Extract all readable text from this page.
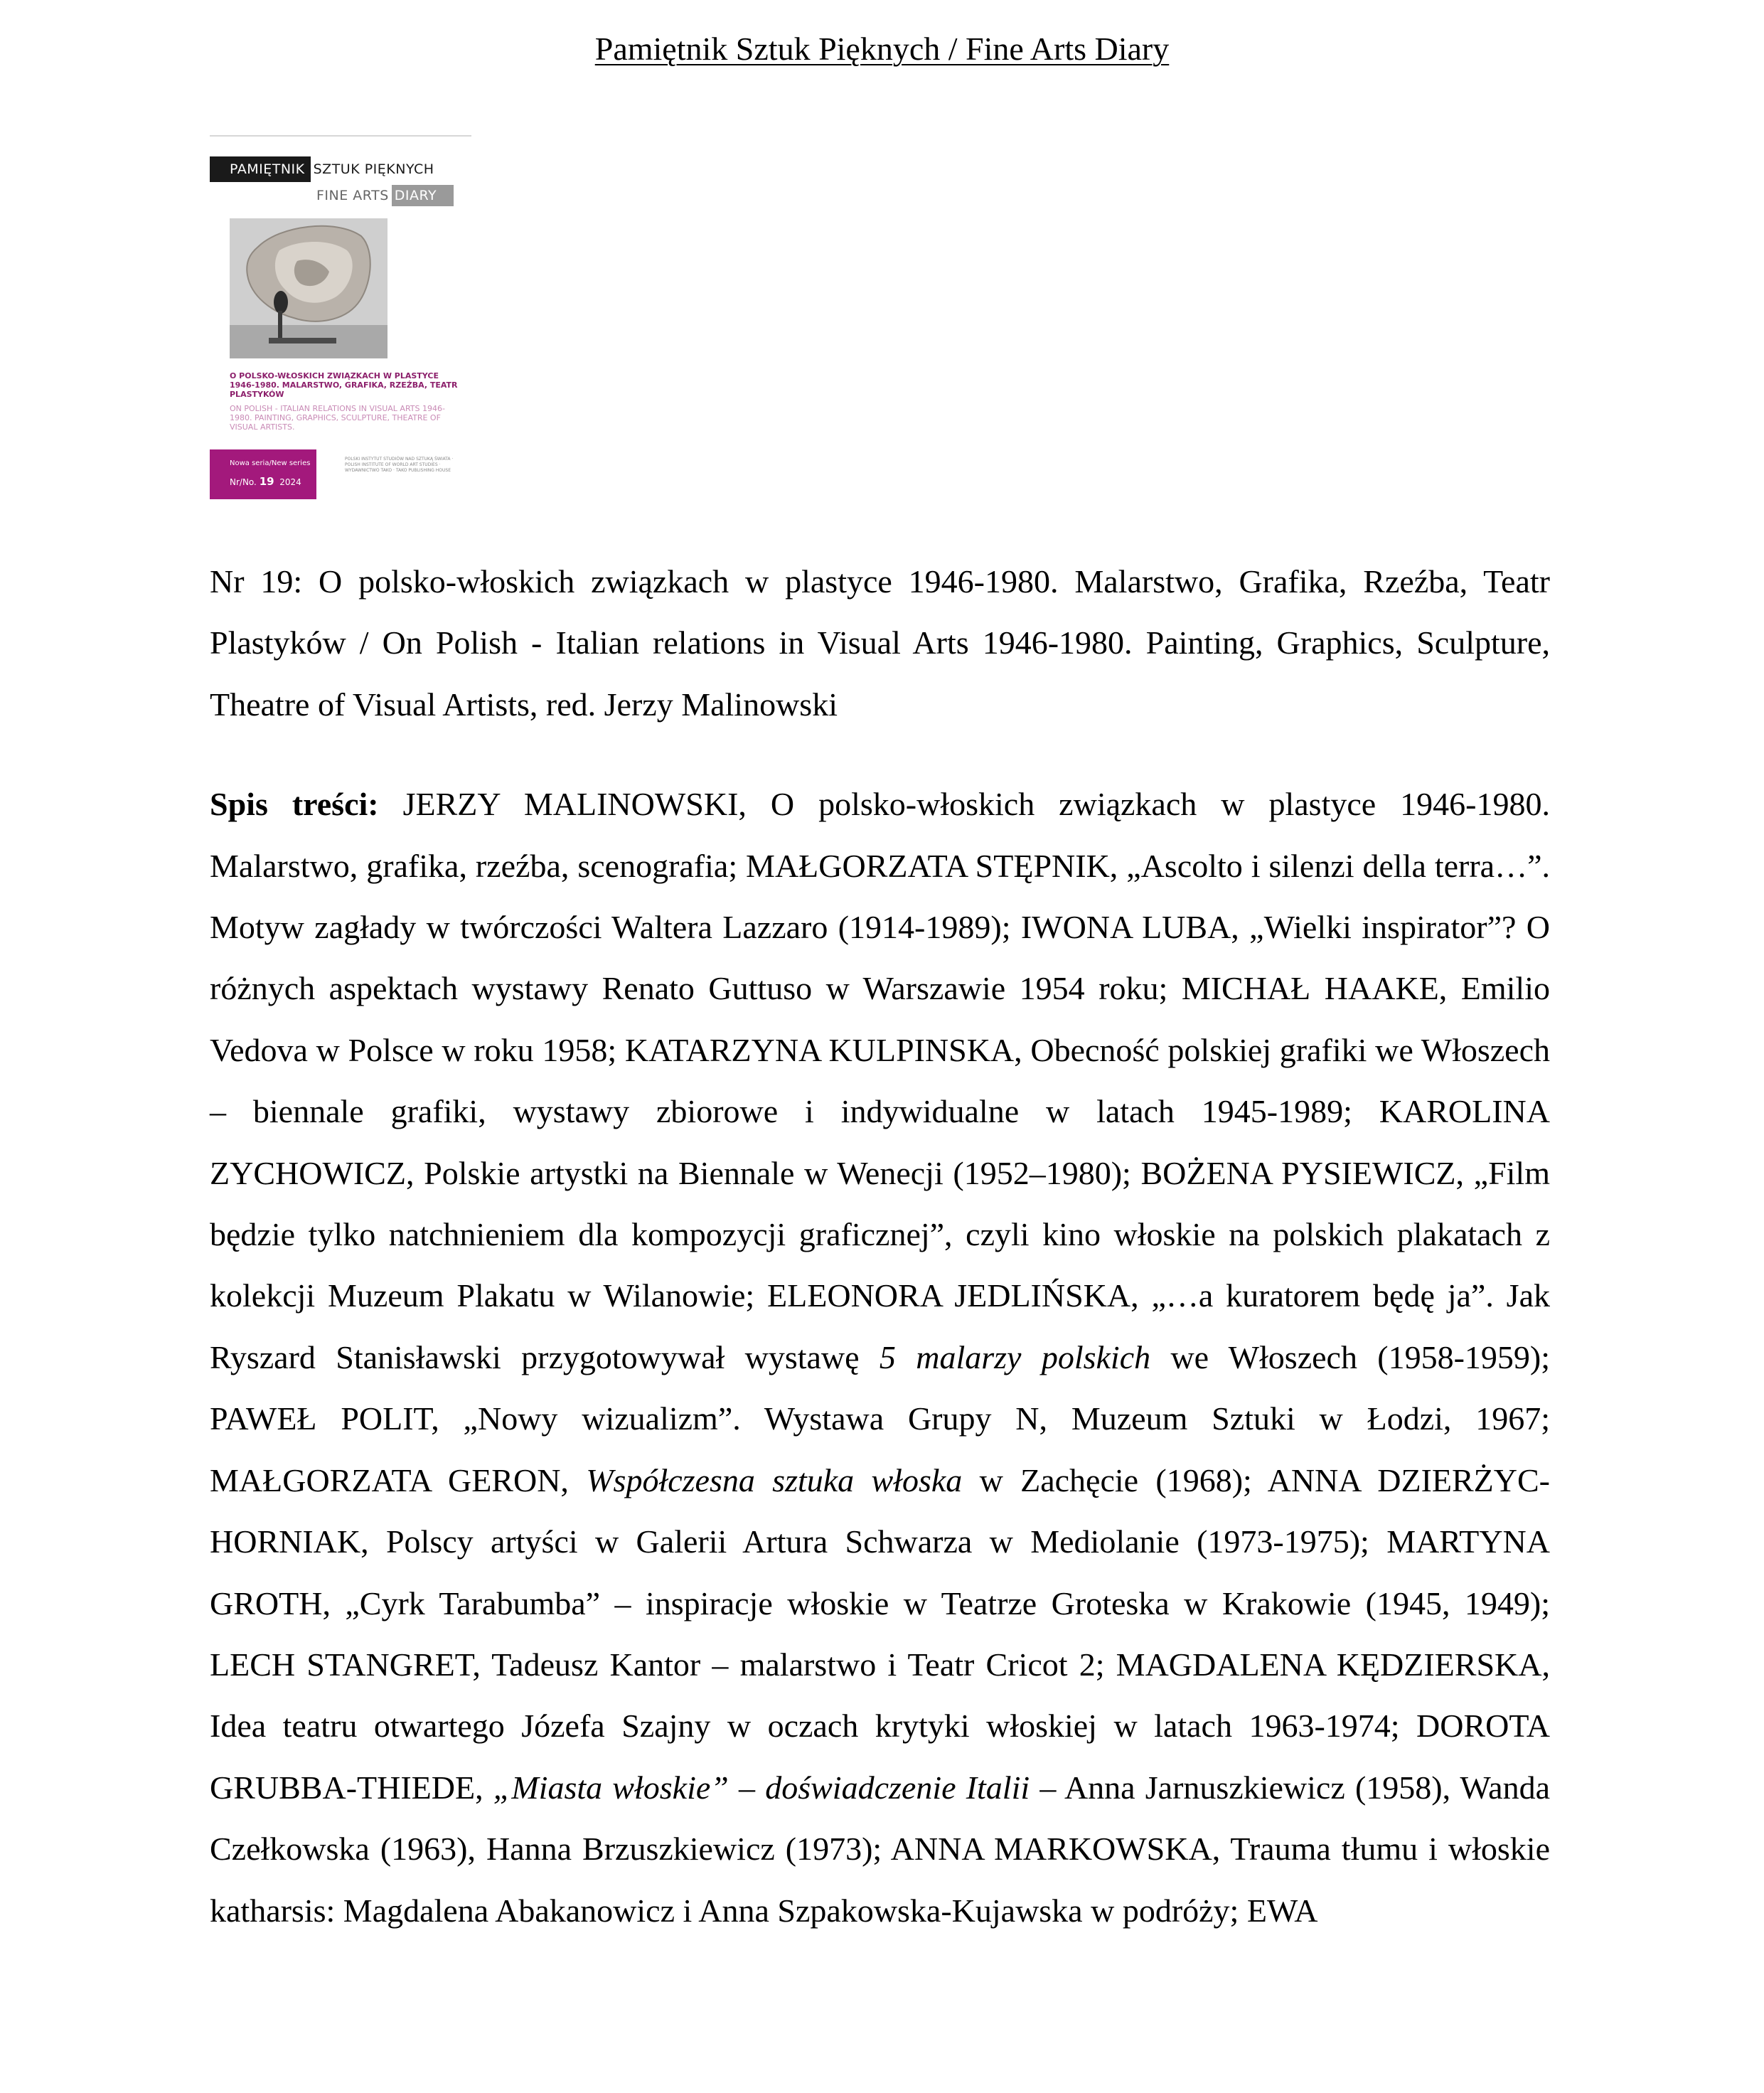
Pamiętnik Sztuk Pięknych / Fine Arts Diary
PAMIĘTNIK SZTUK PIĘKNYCH
FINE ARTS DIARY
O POLSKO-WŁOSKICH ZWIĄZKACH W PLASTYCE 1946-1980. MALARSTWO, GRAFIKA, RZEŹBA, TEATR PLASTYKÓW
ON POLISH - ITALIAN RELATIONS IN VISUAL ARTS 1946-1980. PAINTING, GRAPHICS, SCULPTURE, THEATRE OF VISUAL ARTISTS.
Nowa seria/New series
Nr/No. 19 2024
POLSKI INSTYTUT STUDIÓW NAD SZTUKĄ ŚWIATA · POLISH INSTITUTE OF WORLD ART STUDIES · WYDAWNICTWO TAKO · TAKO PUBLISHING HOUSE

Nr 19: O polsko-włoskich związkach w plastyce 1946-1980. Malarstwo, Grafika, Rzeźba, Teatr Plastyków / On Polish - Italian relations in Visual Arts 1946-1980. Painting, Graphics, Sculpture, Theatre of Visual Artists, red. Jerzy Malinowski

Spis treści: JERZY MALINOWSKI, O polsko-włoskich związkach w plastyce 1946-1980. Malarstwo, grafika, rzeźba, scenografia; MAŁGORZATA STĘPNIK, „Ascolto i silenzi della terra…”. Motyw zagłady w twórczości Waltera Lazzaro (1914-1989); IWONA LUBA, „Wielki inspirator”? O różnych aspektach wystawy Renato Guttuso w Warszawie 1954 roku; MICHAŁ HAAKE, Emilio Vedova w Polsce w roku 1958; KATARZYNA KULPINSKA, Obecność polskiej grafiki we Włoszech – biennale grafiki, wystawy zbiorowe i indywidualne w latach 1945-1989; KAROLINA ZYCHOWICZ, Polskie artystki na Biennale w Wenecji (1952–1980); BOŻENA PYSIEWICZ, „Film będzie tylko natchnieniem dla kompozycji graficznej”, czyli kino włoskie na polskich plakatach z kolekcji Muzeum Plakatu w Wilanowie; ELEONORA JEDLIŃSKA, „…a kuratorem będę ja”. Jak Ryszard Stanisławski przygotowywał wystawę 5 malarzy polskich we Włoszech (1958-1959); PAWEŁ POLIT, „Nowy wizualizm”. Wystawa Grupy N, Muzeum Sztuki w Łodzi, 1967; MAŁGORZATA GERON, Współczesna sztuka włoska w Zachęcie (1968); ANNA DZIERŻYC-HORNIAK, Polscy artyści w Galerii Artura Schwarza w Mediolanie (1973-1975); MARTYNA GROTH, „Cyrk Tarabumba” – inspiracje włoskie w Teatrze Groteska w Krakowie (1945, 1949); LECH STANGRET, Tadeusz Kantor – malarstwo i Teatr Cricot 2; MAGDALENA KĘDZIERSKA, Idea teatru otwartego Józefa Szajny w oczach krytyki włoskiej w latach 1963-1974; DOROTA GRUBBA-THIEDE, „Miasta włoskie” – doświadczenie Italii – Anna Jarnuszkiewicz (1958), Wanda Czełkowska (1963), Hanna Brzuszkiewicz (1973); ANNA MARKOWSKA, Trauma tłumu i włoskie katharsis: Magdalena Abakanowicz i Anna Szpakowska-Kujawska w podróży; EWA
